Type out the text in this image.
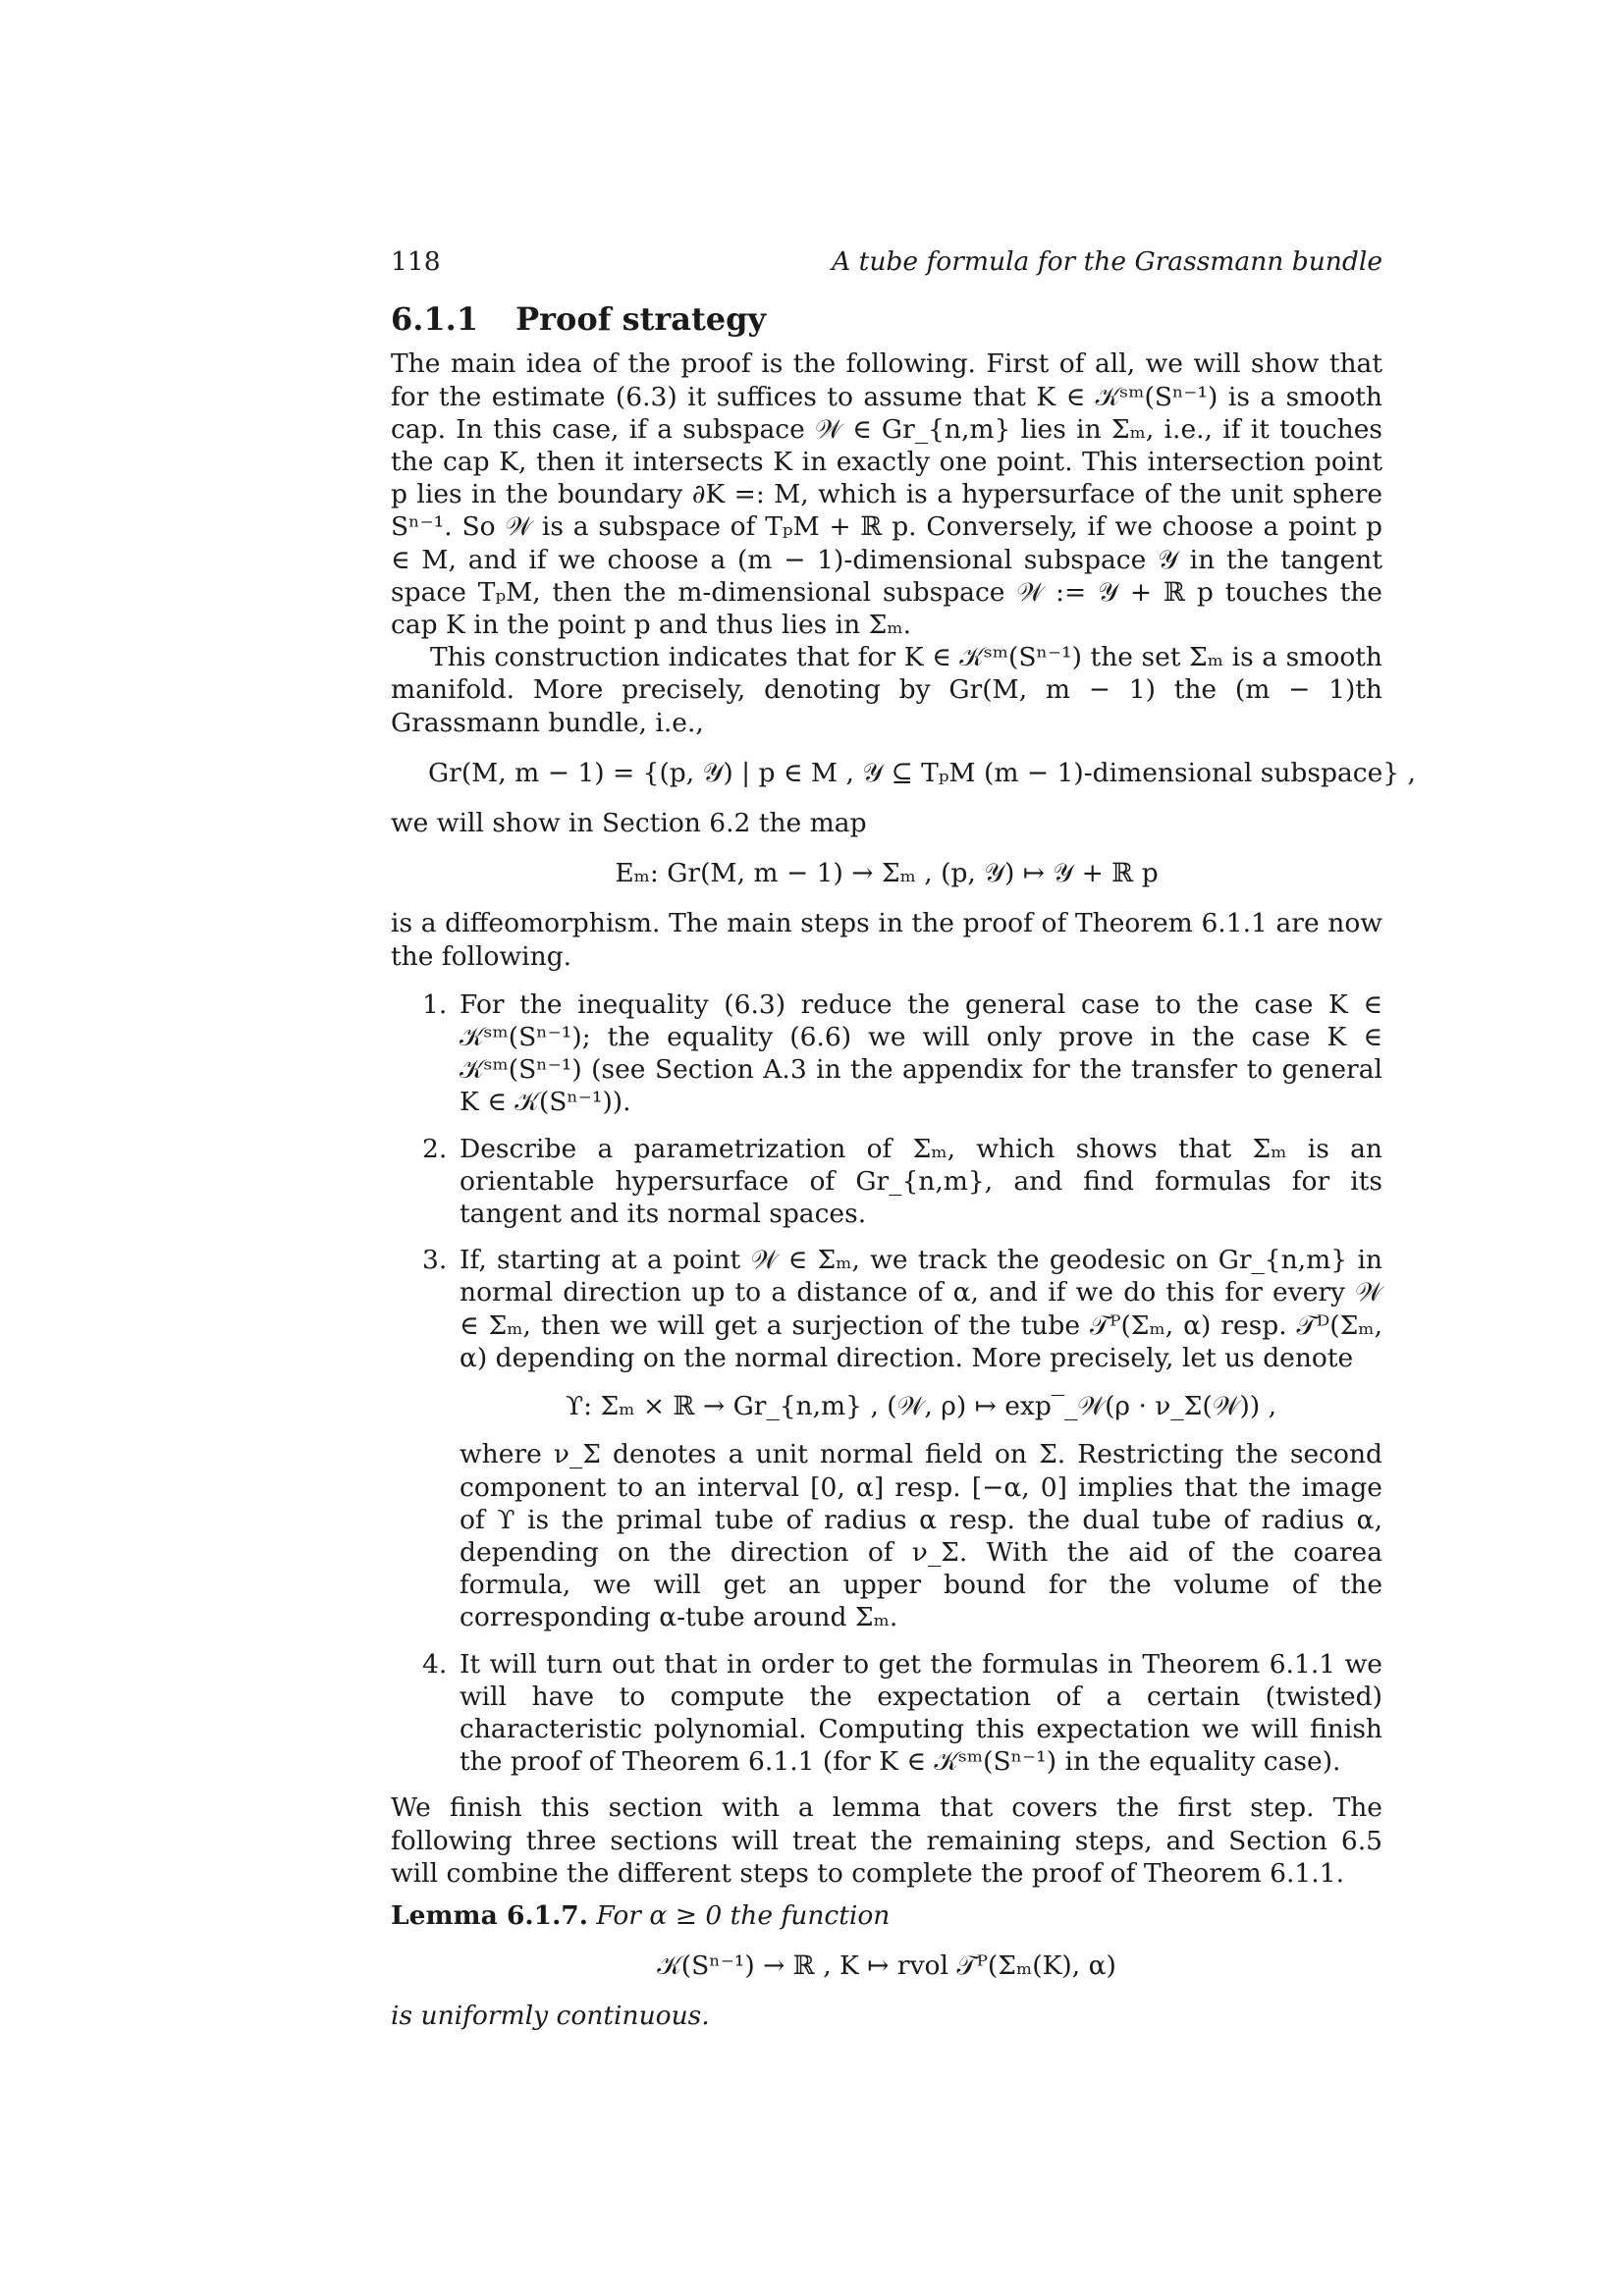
118	A tube formula for the Grassmann bundle
6.1.1 Proof strategy

The main idea of the proof is the following. First of all, we will show that for the estimate (6.3) it suffices to assume that K ∈ 𝒦ˢᵐ(Sⁿ⁻¹) is a smooth cap. In this case, if a subspace 𝒲 ∈ Gr_{n,m} lies in Σₘ, i.e., if it touches the cap K, then it intersects K in exactly one point. This intersection point p lies in the boundary ∂K =: M, which is a hypersurface of the unit sphere Sⁿ⁻¹. So 𝒲 is a subspace of TₚM + ℝ p. Conversely, if we choose a point p ∈ M, and if we choose a (m − 1)-dimensional subspace 𝒴 in the tangent space TₚM, then the m-dimensional subspace 𝒲 := 𝒴 + ℝ p touches the cap K in the point p and thus lies in Σₘ.

This construction indicates that for K ∈ 𝒦ˢᵐ(Sⁿ⁻¹) the set Σₘ is a smooth manifold. More precisely, denoting by Gr(M, m − 1) the (m − 1)th Grassmann bundle, i.e.,

Gr(M, m − 1) = {(p, 𝒴) | p ∈ M , 𝒴 ⊆ TₚM (m − 1)-dimensional subspace} ,

we will show in Section 6.2 the map

Eₘ: Gr(M, m − 1) → Σₘ , (p, 𝒴) ↦ 𝒴 + ℝ p

is a diffeomorphism. The main steps in the proof of Theorem 6.1.1 are now the following.

1. For the inequality (6.3) reduce the general case to the case K ∈ 𝒦ˢᵐ(Sⁿ⁻¹); the equality (6.6) we will only prove in the case K ∈ 𝒦ˢᵐ(Sⁿ⁻¹) (see Section A.3 in the appendix for the transfer to general K ∈ 𝒦(Sⁿ⁻¹)).

2. Describe a parametrization of Σₘ, which shows that Σₘ is an orientable hypersurface of Gr_{n,m}, and find formulas for its tangent and its normal spaces.

3. If, starting at a point 𝒲 ∈ Σₘ, we track the geodesic on Gr_{n,m} in normal direction up to a distance of α, and if we do this for every 𝒲 ∈ Σₘ, then we will get a surjection of the tube 𝒯ᴾ(Σₘ, α) resp. 𝒯ᴰ(Σₘ, α) depending on the normal direction. More precisely, let us denote

ϒ: Σₘ × ℝ → Gr_{n,m} , (𝒲, ρ) ↦ exp‾_𝒲(ρ · ν_Σ(𝒲)) ,

where ν_Σ denotes a unit normal field on Σ. Restricting the second component to an interval [0, α] resp. [−α, 0] implies that the image of ϒ is the primal tube of radius α resp. the dual tube of radius α, depending on the direction of ν_Σ. With the aid of the coarea formula, we will get an upper bound for the volume of the corresponding α-tube around Σₘ.

4. It will turn out that in order to get the formulas in Theorem 6.1.1 we will have to compute the expectation of a certain (twisted) characteristic polynomial. Computing this expectation we will finish the proof of Theorem 6.1.1 (for K ∈ 𝒦ˢᵐ(Sⁿ⁻¹) in the equality case).

We finish this section with a lemma that covers the first step. The following three sections will treat the remaining steps, and Section 6.5 will combine the different steps to complete the proof of Theorem 6.1.1.

Lemma 6.1.7. For α ≥ 0 the function

𝒦(Sⁿ⁻¹) → ℝ , K ↦ rvol 𝒯ᴾ(Σₘ(K), α)

is uniformly continuous.
